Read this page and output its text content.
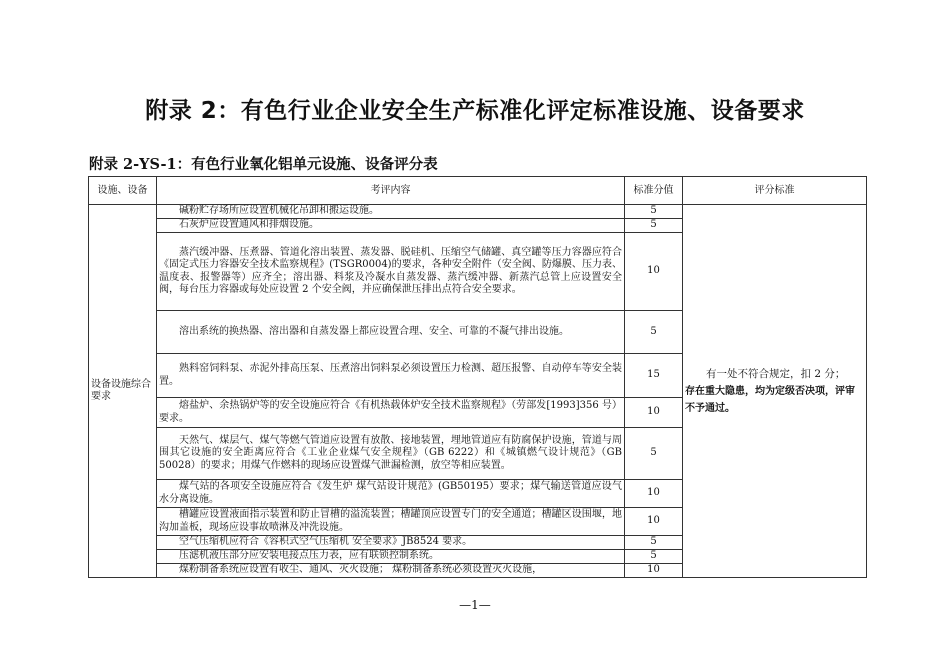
附录 2：有色行业企业安全生产标准化评定标准设施、设备要求
附录 2-YS-1：有色行业氧化铝单元设施、设备评分表
设施、设备	考评内容	标准分值	评分标准
设备设施综合要求	碱粉贮存场所应设置机械化吊卸和搬运设施。	5	有一处不符合规定，扣 2 分；
存在重大隐患，均为定级否决项，评审不予通过。

	石灰炉应设置通风和排烟设施。	5	
	蒸汽缓冲器、压煮器、管道化溶出装置、蒸发器、脱硅机、压缩空气储罐、真空罐等压力容器应符合《固定式压力容器安全技术监察规程》(TSGR0004)的要求，各种安全附件（安全阀、防爆膜、压力表、温度表、报警器等）应齐全；溶出器、料浆及冷凝水自蒸发器、蒸汽缓冲器、新蒸汽总管上应设置安全阀，每台压力容器或每处应设置 2 个安全阀，并应确保泄压排出点符合安全要求。	10	
	溶出系统的换热器、溶出器和自蒸发器上都应设置合理、安全、可靠的不凝气排出设施。	5	
	熟料窑饲料泵、赤泥外排高压泵、压煮溶出饲料泵必须设置压力检测、超压报警、自动停车等安全装置。	15	
	熔盐炉、余热锅炉等的安全设施应符合《有机热载体炉安全技术监察规程》（劳部发[1993]356 号）要求。	10	
	天然气、煤层气、煤气等燃气管道应设置有放散、接地装置，埋地管道应有防腐保护设施，管道与周围其它设施的安全距离应符合《工业企业煤气安全规程》（GB 6222）和《城镇燃气设计规范》（GB 50028）的要求；用煤气作燃料的现场应设置煤气泄漏检测，放空等相应装置。	5	
	煤气站的各项安全设施应符合《发生炉 煤气站设计规范》(GB50195）要求；煤气输送管道应设气水分离设施。	10	
	槽罐应设置液面指示装置和防止冒槽的溢流装置；槽罐顶应设置专门的安全通道；槽罐区设围堰，地沟加盖板，现场应设事故喷淋及冲洗设施。	10	
	空气压缩机应符合《容积式空气压缩机 安全要求》JB8524 要求。	5	
	压滤机液压部分应安装电接点压力表，应有联锁控制系统。	5	
	煤粉制备系统应设置有收尘、通风、灭火设施； 煤粉制备系统必须设置灭火设施，	10	
—1—
